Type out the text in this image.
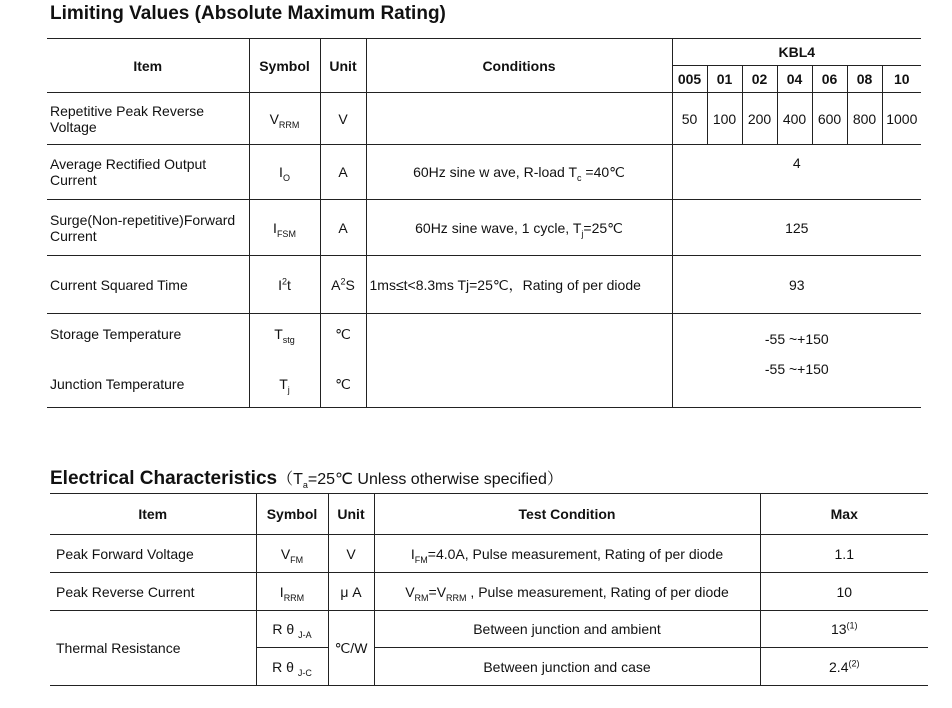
Limiting Values (Absolute Maximum Rating)
Item	Symbol	Unit	Conditions	KBL4						
				005	01	02	04	06	08	10
Repetitive Peak Reverse Voltage	$V_{RRM}$	V		50	100	200	400	600	800	1000
Average Rectified Output Current	$I_O$	A	60Hz sine w ave, R-load $T_c$ =40℃	4						
Surge(Non-repetitive)Forward Current	$I_{FSM}$	A	60Hz sine wave, 1 cycle, $T_j=25℃$	125						
Current Squared Time	$I^2t$	$A^2S$	1ms≤t<8.3ms Tj=25℃，Rating of per diode	93						
Storage Temperature	$T_{stg}$	℃		-55 ~+150						
Junction Temperature	$T_j$	℃		-55 ~+150						
Electrical $Characteristics(T_a=25℃$ Unless otherwise specified）
Item	Symbol	Unit	Test Condition	Max
Peak Forward Voltage	$V_{FM}$	V	$I_{FM}=4.0A$, Pulse measurement, Rating of per diode	1.1
Peak Reverse Current	$I_{RRM}$	μ A	$V_{RM}=V_{RRM}$ , Pulse measurement, Rating of per diode	10
Thermal Resistance	R θ $_{J-A}$	℃/W	Between junction and ambient	13$^{(1)}$
	R θ $_{J-C}$		Between junction and case	2.4$^{(2)}$
